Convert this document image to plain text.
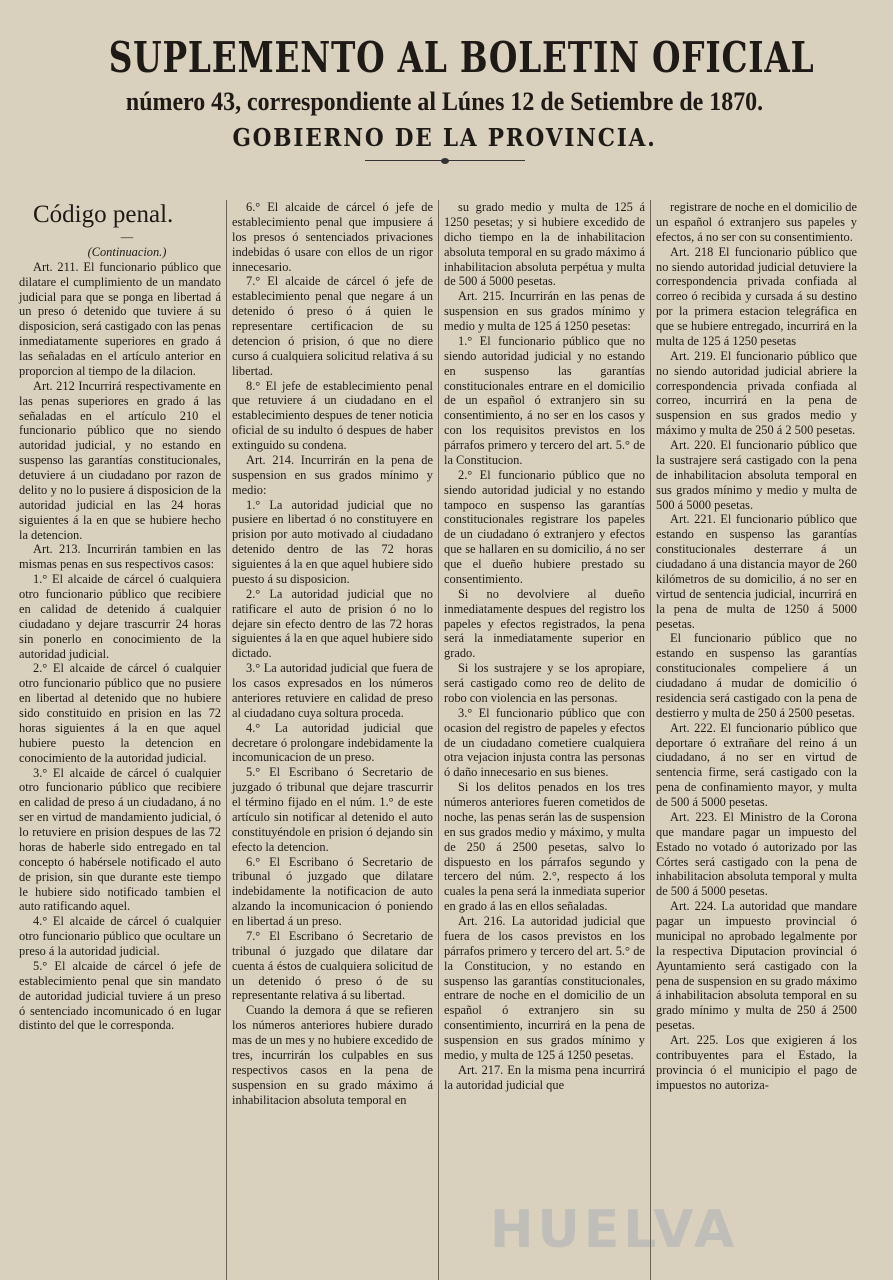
SUPLEMENTO AL BOLETIN OFICIAL
número 43, correspondiente al Lúnes 12 de Setiembre de 1870.
GOBIERNO DE LA PROVINCIA.

Código penal.

—

(Continuacion.)

Art. 211. El funcionario público que dilatare el cumplimiento de un mandato judicial para que se ponga en libertad á un preso ó detenido que tuviere á su disposicion, será castigado con las penas inmediatamente superiores en grado á las señaladas en el artículo anterior en proporcion al tiempo de la dilacion.

Art. 212 Incurrirá respectivamente en las penas superiores en grado á las señaladas en el artículo 210 el funcionario público que no siendo autoridad judicial, y no estando en suspenso las garantías constitucionales, detuviere á un ciudadano por razon de delito y no lo pusiere á disposicion de la autoridad judicial en las 24 horas siguientes á la en que se hubiere hecho la detencion.

Art. 213. Incurrirán tambien en las mismas penas en sus respectivos casos:

1.° El alcaide de cárcel ó cualquiera otro funcionario público que recibiere en calidad de detenido á cualquier ciudadano y dejare trascurrir 24 horas sin ponerlo en conocimiento de la autoridad judicial.

2.° El alcaide de cárcel ó cualquier otro funcionario público que no pusiere en libertad al detenido que no hubiere sido constituido en prision en las 72 horas siguientes á la en que aquel hubiere puesto la detencion en conocimiento de la autoridad judicial.

3.° El alcaide de cárcel ó cualquier otro funcionario público que recibiere en calidad de preso á un ciudadano, á no ser en virtud de mandamiento judicial, ó lo retuviere en prision despues de las 72 horas de haberle sido entregado en tal concepto ó habérsele notificado el auto de prision, sin que durante este tiempo le hubiere sido notificado tambien el auto ratificando aquel.

4.° El alcaide de cárcel ó cualquier otro funcionario público que ocultare un preso á la autoridad judicial.

5.° El alcaide de cárcel ó jefe de establecimiento penal que sin mandato de autoridad judicial tuviere á un preso ó sentenciado incomunicado ó en lugar distinto del que le corresponda.

6.° El alcaide de cárcel ó jefe de establecimiento penal que impusiere á los presos ó sentenciados privaciones indebidas ó usare con ellos de un rigor innecesario.

7.° El alcaide de cárcel ó jefe de establecimiento penal que negare á un detenido ó preso ó á quien le representare certificacion de su detencion ó prision, ó que no diere curso á cualquiera solicitud relativa á su libertad.

8.° El jefe de establecimiento penal que retuviere á un ciudadano en el establecimiento despues de tener noticia oficial de su indulto ó despues de haber extinguido su condena.

Art. 214. Incurrirán en la pena de suspension en sus grados mínimo y medio:

1.° La autoridad judicial que no pusiere en libertad ó no constituyere en prision por auto motivado al ciudadano detenido dentro de las 72 horas siguientes á la en que aquel hubiere sido puesto á su disposicion.

2.° La autoridad judicial que no ratificare el auto de prision ó no lo dejare sin efecto dentro de las 72 horas siguientes á la en que aquel hubiere sido dictado.

3.° La autoridad judicial que fuera de los casos expresados en los números anteriores retuviere en calidad de preso al ciudadano cuya soltura proceda.

4.° La autoridad judicial que decretare ó prolongare indebidamente la incomunicacion de un preso.

5.° El Escribano ó Secretario de juzgado ó tribunal que dejare trascurrir el término fijado en el núm. 1.° de este artículo sin notificar al detenido el auto constituyéndole en prision ó dejando sin efecto la detencion.

6.° El Escribano ó Secretario de tribunal ó juzgado que dilatare indebidamente la notificacion de auto alzando la incomunicacion ó poniendo en libertad á un preso.

7.° El Escribano ó Secretario de tribunal ó juzgado que dilatare dar cuenta á éstos de cualquiera solicitud de un detenido ó preso ó de su representante relativa á su libertad.

Cuando la demora á que se refieren los números anteriores hubiere durado mas de un mes y no hubiere excedido de tres, incurrirán los culpables en sus respectivos casos en la pena de suspension en su grado máximo á inhabilitacion absoluta temporal en

su grado medio y multa de 125 á 1250 pesetas; y si hubiere excedido de dicho tiempo en la de inhabilitacion absoluta temporal en su grado máximo á inhabilitacion absoluta perpétua y multa de 500 á 5000 pesetas.

Art. 215. Incurrirán en las penas de suspension en sus grados mínimo y medio y multa de 125 á 1250 pesetas:

1.° El funcionario público que no siendo autoridad judicial y no estando en suspenso las garantías constitucionales entrare en el domicilio de un español ó extranjero sin su consentimiento, á no ser en los casos y con los requisitos previstos en los párrafos primero y tercero del art. 5.° de la Constitucion.

2.° El funcionario público que no siendo autoridad judicial y no estando tampoco en suspenso las garantías constitucionales registrare los papeles de un ciudadano ó extranjero y efectos que se hallaren en su domicilio, á no ser que el dueño hubiere prestado su consentimiento.

Si no devolviere al dueño inmediatamente despues del registro los papeles y efectos registrados, la pena será la inmediatamente superior en grado.

Si los sustrajere y se los apropiare, será castigado como reo de delito de robo con violencia en las personas.

3.° El funcionario público que con ocasion del registro de papeles y efectos de un ciudadano cometiere cualquiera otra vejacion injusta contra las personas ó daño innecesario en sus bienes.

Si los delitos penados en los tres números anteriores fueren cometidos de noche, las penas serán las de suspension en sus grados medio y máximo, y multa de 250 á 2500 pesetas, salvo lo dispuesto en los párrafos segundo y tercero del núm. 2.°, respecto á los cuales la pena será la inmediata superior en grado á las en ellos señaladas.

Art. 216. La autoridad judicial que fuera de los casos previstos en los párrafos primero y tercero del art. 5.° de la Constitucion, y no estando en suspenso las garantías constitucionales, entrare de noche en el domicilio de un español ó extranjero sin su consentimiento, incurrirá en la pena de suspension en sus grados mínimo y medio, y multa de 125 á 1250 pesetas.

Art. 217. En la misma pena incurrirá la autoridad judicial que

registrare de noche en el domicilio de un español ó extranjero sus papeles y efectos, á no ser con su consentimiento.

Art. 218 El funcionario público que no siendo autoridad judicial detuviere la correspondencia privada confiada al correo ó recibida y cursada á su destino por la primera estacion telegráfica en que se hubiere entregado, incurrirá en la multa de 125 á 1250 pesetas

Art. 219. El funcionario público que no siendo autoridad judicial abriere la correspondencia privada confiada al correo, incurrirá en la pena de suspension en sus grados medio y máximo y multa de 250 á 2 500 pesetas.

Art. 220. El funcionario público que la sustrajere será castigado con la pena de inhabilitacion absoluta temporal en sus grados mínimo y medio y multa de 500 á 5000 pesetas.

Art. 221. El funcionario público que estando en suspenso las garantías constitucionales desterrare á un ciudadano á una distancia mayor de 260 kilómetros de su domicilio, á no ser en virtud de sentencia judicial, incurrirá en la pena de multa de 1250 á 5000 pesetas.

El funcionario público que no estando en suspenso las garantías constitucionales compeliere á un ciudadano á mudar de domicilio ó residencia será castigado con la pena de destierro y multa de 250 á 2500 pesetas.

Art. 222. El funcionario público que deportare ó extrañare del reino á un ciudadano, á no ser en virtud de sentencia firme, será castigado con la pena de confinamiento mayor, y multa de 500 á 5000 pesetas.

Art. 223. El Ministro de la Corona que mandare pagar un impuesto del Estado no votado ó autorizado por las Córtes será castigado con la pena de inhabilitacion absoluta temporal y multa de 500 á 5000 pesetas.

Art. 224. La autoridad que mandare pagar un impuesto provincial ó municipal no aprobado legalmente por la respectiva Diputacion provincial ó Ayuntamiento será castigado con la pena de suspension en su grado máximo á inhabilitacion absoluta temporal en su grado mínimo y multa de 250 á 2500 pesetas.

Art. 225. Los que exigieren á los contribuyentes para el Estado, la provincia ó el municipio el pago de impuestos no autoriza-

HUELVA
